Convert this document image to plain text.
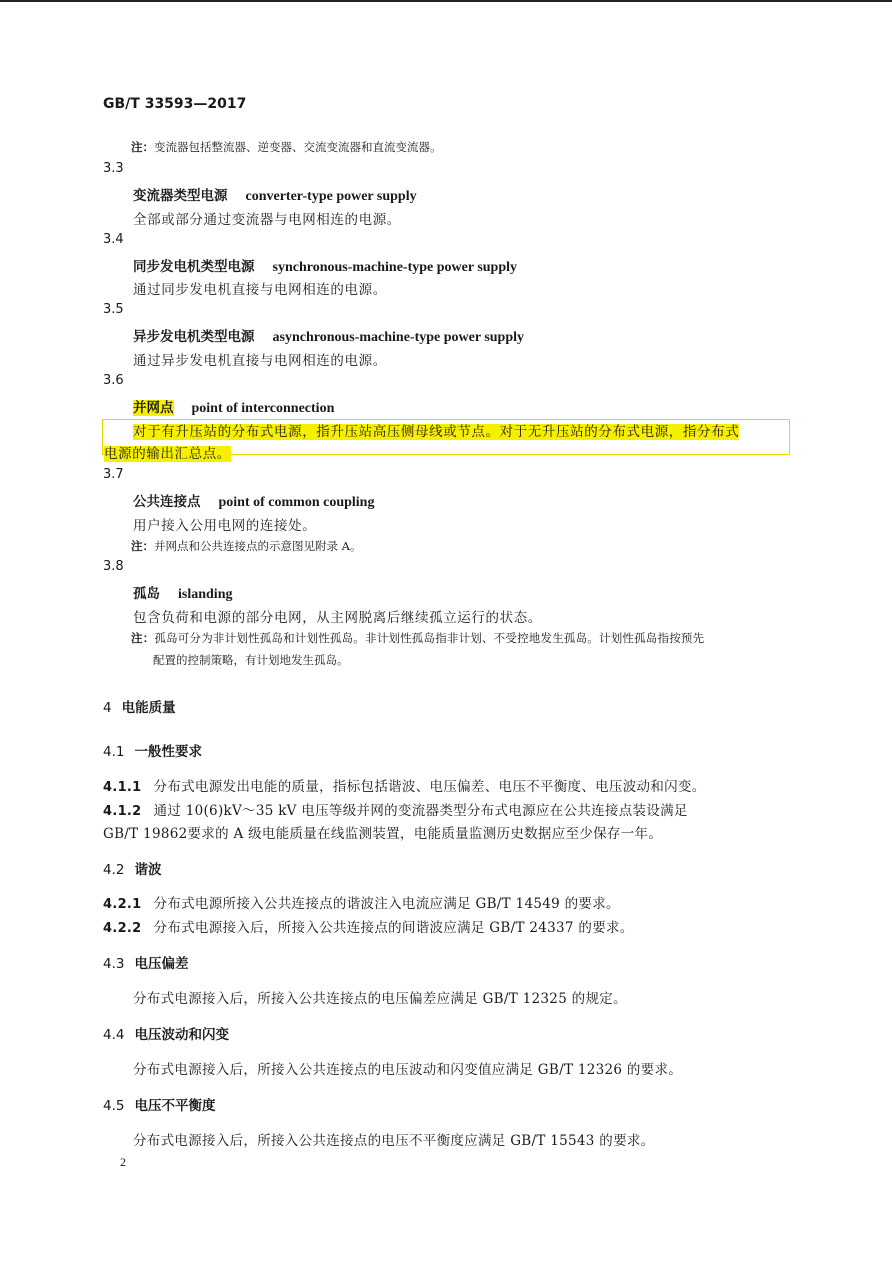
GB/T 33593—2017
注：变流器包括整流器、逆变器、交流变流器和直流变流器。
3.3
变流器类型电源 converter-type power supply
全部或部分通过变流器与电网相连的电源。
3.4
同步发电机类型电源 synchronous-machine-type power supply
通过同步发电机直接与电网相连的电源。
3.5
异步发电机类型电源 asynchronous-machine-type power supply
通过异步发电机直接与电网相连的电源。
3.6
并网点 point of interconnection
对于有升压站的分布式电源，指升压站高压侧母线或节点。对于无升压站的分布式电源，指分布式
电源的输出汇总点。
3.7
公共连接点 point of common coupling
用户接入公用电网的连接处。
注：并网点和公共连接点的示意图见附录 A。
3.8
孤岛 islanding
包含负荷和电源的部分电网，从主网脱离后继续孤立运行的状态。
注：孤岛可分为非计划性孤岛和计划性孤岛。非计划性孤岛指非计划、不受控地发生孤岛。计划性孤岛指按预先
配置的控制策略，有计划地发生孤岛。
4 电能质量
4.1 一般性要求
4.1.1 分布式电源发出电能的质量，指标包括谐波、电压偏差、电压不平衡度、电压波动和闪变。
4.1.2 通过 10(6)kV～35 kV 电压等级并网的变流器类型分布式电源应在公共连接点装设满足
GB/T 19862要求的 A 级电能质量在线监测装置，电能质量监测历史数据应至少保存一年。
4.2 谐波
4.2.1 分布式电源所接入公共连接点的谐波注入电流应满足 GB/T 14549 的要求。
4.2.2 分布式电源接入后，所接入公共连接点的间谐波应满足 GB/T 24337 的要求。
4.3 电压偏差
分布式电源接入后，所接入公共连接点的电压偏差应满足 GB/T 12325 的规定。
4.4 电压波动和闪变
分布式电源接入后，所接入公共连接点的电压波动和闪变值应满足 GB/T 12326 的要求。
4.5 电压不平衡度
分布式电源接入后，所接入公共连接点的电压不平衡度应满足 GB/T 15543 的要求。
2
